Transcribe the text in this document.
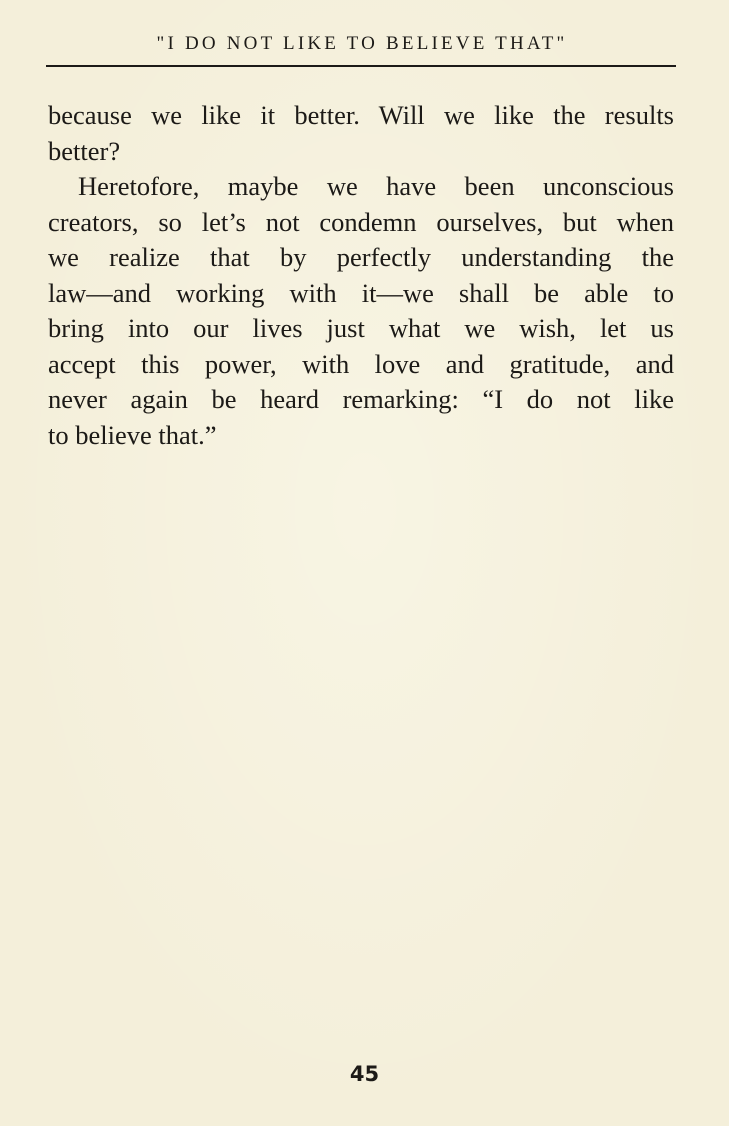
"I DO NOT LIKE TO BELIEVE THAT"

because we like it better. Will we like the results
better?

Heretofore, maybe we have been unconscious
creators, so let’s not condemn ourselves, but when
we realize that by perfectly understanding the
law—and working with it—we shall be able to
bring into our lives just what we wish, let us
accept this power, with love and gratitude, and
never again be heard remarking: “I do not like
to believe that.”

45
